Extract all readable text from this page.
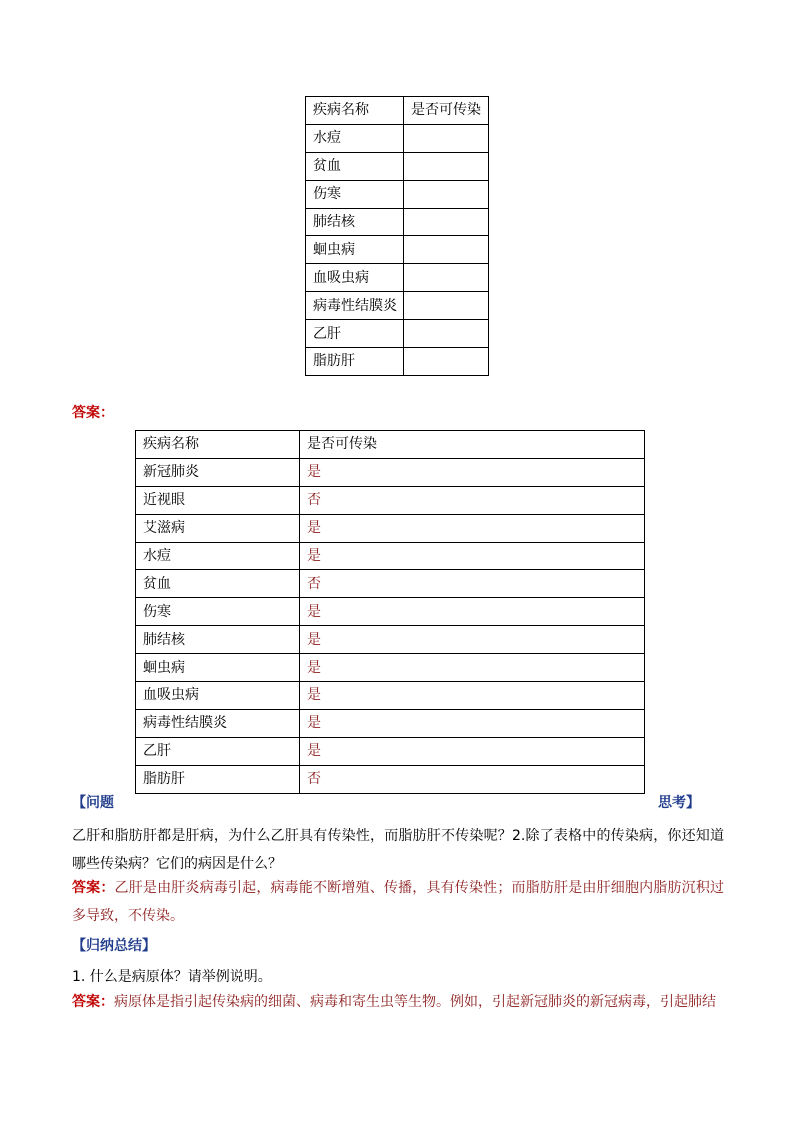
疾病名称	是否可传染
水痘	
贫血	
伤寒	
肺结核	
蛔虫病	
血吸虫病	
病毒性结膜炎	
乙肝	
脂肪肝	
答案：
疾病名称	是否可传染
新冠肺炎	是
近视眼	否
艾滋病	是
水痘	是
贫血	否
伤寒	是
肺结核	是
蛔虫病	是
血吸虫病	是
病毒性结膜炎	是
乙肝	是
脂肪肝	否
【问题	思考】
乙肝和脂肪肝都是肝病，为什么乙肝具有传染性，而脂肪肝不传染呢？2.除了表格中的传染病，你还知道哪些传染病？它们的病因是什么？
答案：乙肝是由肝炎病毒引起，病毒能不断增殖、传播，具有传染性；而脂肪肝是由肝细胞内脂肪沉积过多导致，不传染。
【归纳总结】
1. 什么是病原体？请举例说明。
答案：病原体是指引起传染病的细菌、病毒和寄生虫等生物。例如，引起新冠肺炎的新冠病毒，引起肺结
